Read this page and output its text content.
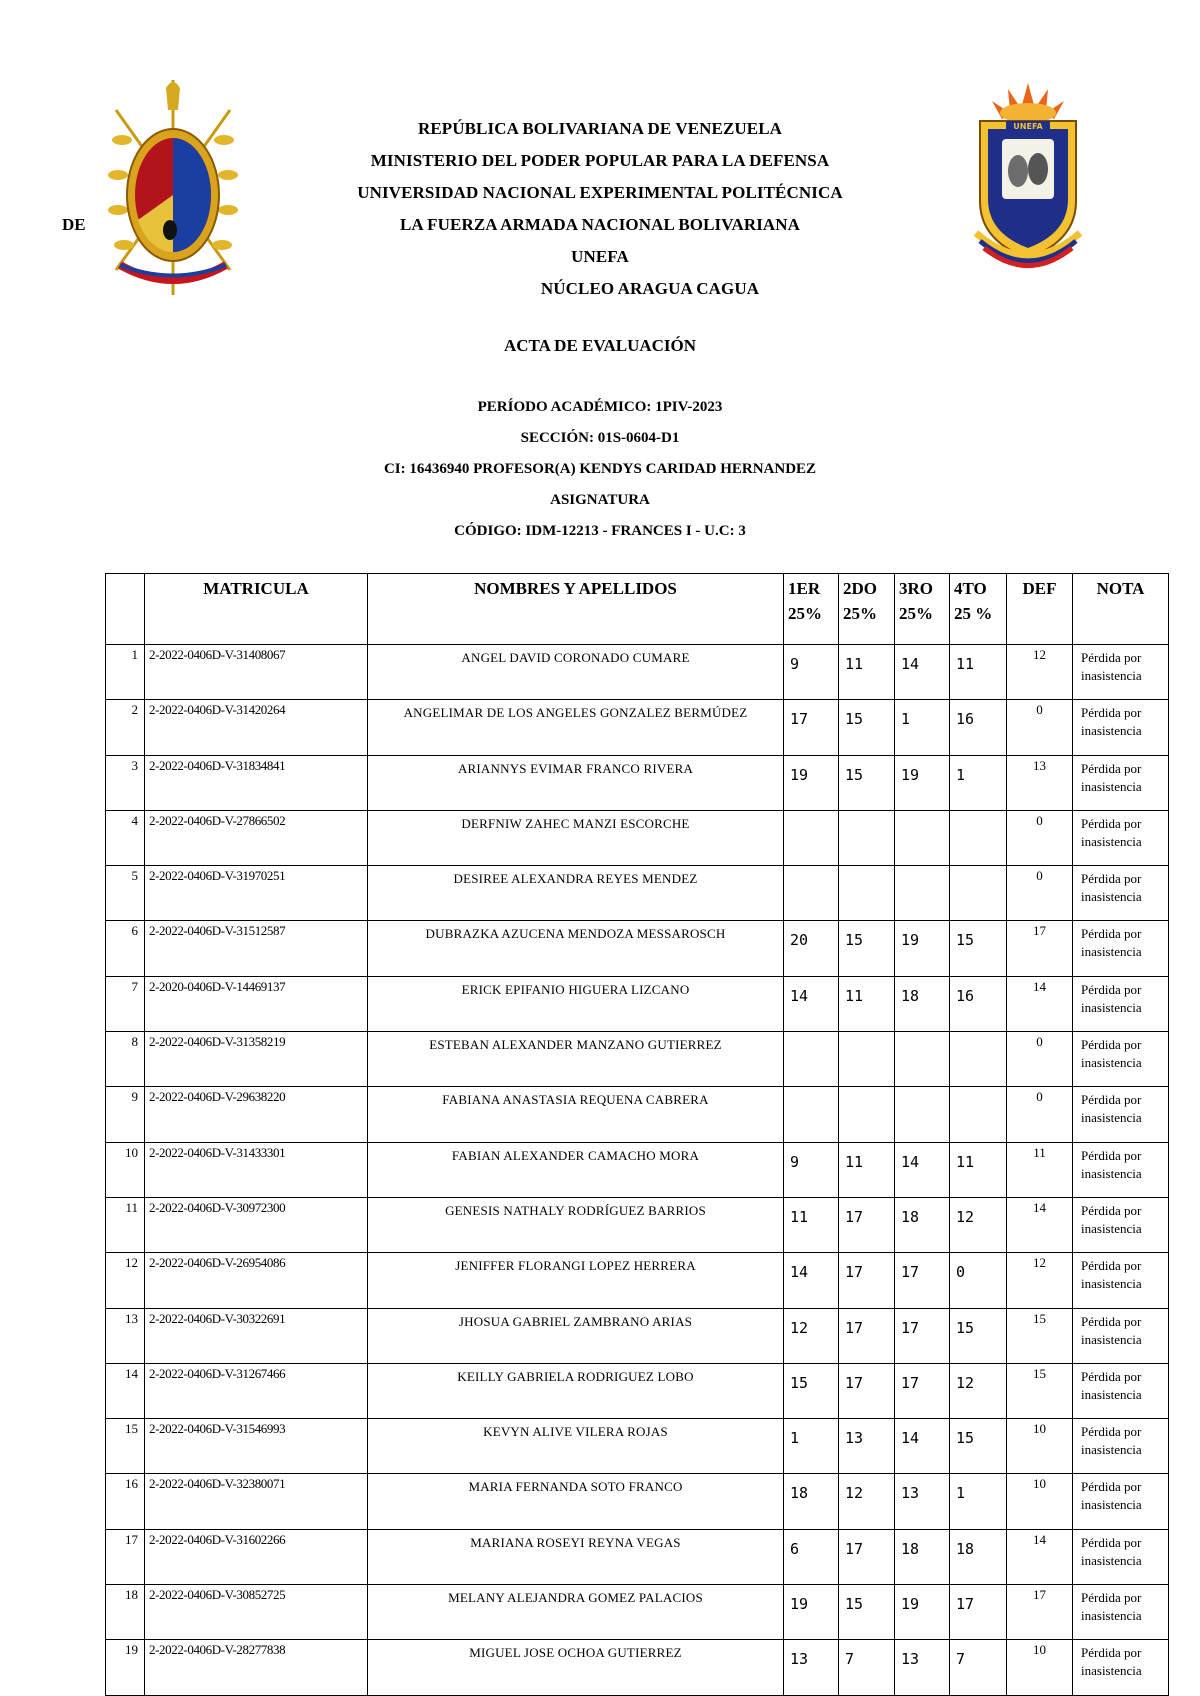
DE
REPÚBLICA BOLIVARIANA DE VENEZUELA
MINISTERIO DEL PODER POPULAR PARA LA DEFENSA
UNIVERSIDAD NACIONAL EXPERIMENTAL POLITÉCNICA
LA FUERZA ARMADA NACIONAL BOLIVARIANA
UNEFA
NÚCLEO ARAGUA CAGUA
UNEFA
ACTA DE EVALUACIÓN
PERÍODO ACADÉMICO: 1PIV-2023
SECCIÓN: 01S-0604-D1
CI: 16436940 PROFESOR(A) KENDYS CARIDAD HERNANDEZ
ASIGNATURA
CÓDIGO: IDM-12213 - FRANCES I - U.C: 3
	MATRICULA	NOMBRES Y APELLIDOS	1ER 25%	2DO 25%	3RO 25%	4TO 25 %	DEF	NOTA
1	2-2022-0406D-V-31408067	ANGEL DAVID CORONADO CUMARE	9	11	14	11	12	Pérdida por inasistencia
2	2-2022-0406D-V-31420264	ANGELIMAR DE LOS ANGELES GONZALEZ BERMÚDEZ	17	15	1	16	0	Pérdida por inasistencia
3	2-2022-0406D-V-31834841	ARIANNYS EVIMAR FRANCO RIVERA	19	15	19	1	13	Pérdida por inasistencia
4	2-2022-0406D-V-27866502	DERFNIW ZAHEC MANZI ESCORCHE					0	Pérdida por inasistencia
5	2-2022-0406D-V-31970251	DESIREE ALEXANDRA REYES MENDEZ					0	Pérdida por inasistencia
6	2-2022-0406D-V-31512587	DUBRAZKA AZUCENA MENDOZA MESSAROSCH	20	15	19	15	17	Pérdida por inasistencia
7	2-2020-0406D-V-14469137	ERICK EPIFANIO HIGUERA LIZCANO	14	11	18	16	14	Pérdida por inasistencia
8	2-2022-0406D-V-31358219	ESTEBAN ALEXANDER MANZANO GUTIERREZ					0	Pérdida por inasistencia
9	2-2022-0406D-V-29638220	FABIANA ANASTASIA REQUENA CABRERA					0	Pérdida por inasistencia
10	2-2022-0406D-V-31433301	FABIAN ALEXANDER CAMACHO MORA	9	11	14	11	11	Pérdida por inasistencia
11	2-2022-0406D-V-30972300	GENESIS NATHALY RODRÍGUEZ BARRIOS	11	17	18	12	14	Pérdida por inasistencia
12	2-2022-0406D-V-26954086	JENIFFER FLORANGI LOPEZ HERRERA	14	17	17	0	12	Pérdida por inasistencia
13	2-2022-0406D-V-30322691	JHOSUA GABRIEL ZAMBRANO ARIAS	12	17	17	15	15	Pérdida por inasistencia
14	2-2022-0406D-V-31267466	KEILLY GABRIELA RODRIGUEZ LOBO	15	17	17	12	15	Pérdida por inasistencia
15	2-2022-0406D-V-31546993	KEVYN ALIVE VILERA ROJAS	1	13	14	15	10	Pérdida por inasistencia
16	2-2022-0406D-V-32380071	MARIA FERNANDA SOTO FRANCO	18	12	13	1	10	Pérdida por inasistencia
17	2-2022-0406D-V-31602266	MARIANA ROSEYI REYNA VEGAS	6	17	18	18	14	Pérdida por inasistencia
18	2-2022-0406D-V-30852725	MELANY ALEJANDRA GOMEZ PALACIOS	19	15	19	17	17	Pérdida por inasistencia
19	2-2022-0406D-V-28277838	MIGUEL JOSE OCHOA GUTIERREZ	13	7	13	7	10	Pérdida por inasistencia
